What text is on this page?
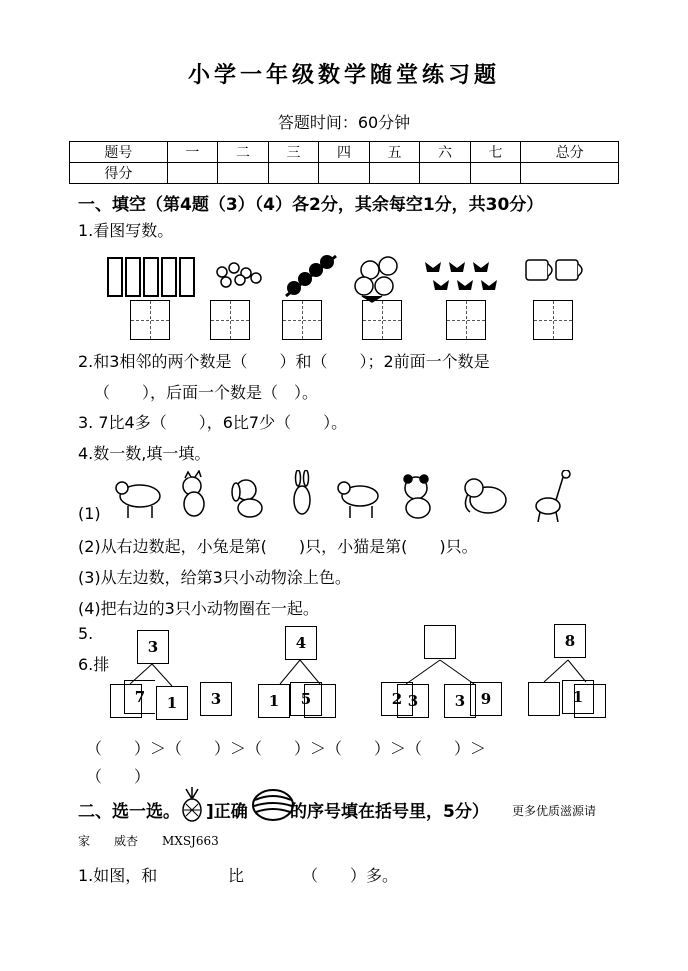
小学一年级数学随堂练习题
答题时间：60分钟
题号	一	二	三	四	五	六	七	总分
得分								
一、填空（第4题（3）（4）各2分，其余每空1分，共30分）
1.看图写数。
2.和3相邻的两个数是（　　）和（　　）；2前面一个数是
（　　），后面一个数是（　）。
3. 7比4多（　　），6比7少（　　）。
4.数一数,填一填。
(1)
(2)从右边数起，小兔是第(　　)只，小猫是第(　　)只。
(3)从左边数，给第3只小动物涂上色。
(4)把右边的3只小动物圈在一起。
5.
6.排
3
7	1	3
4
1	5	2 3	3	9
8
1
（　　）＞（　　）＞（　　）＞（　　）＞（　　）＞
（　　）
二、选一选。 ]正确 的序号填在括号里，5分） 更多优质滋源请
家　　威杏　　MXSJ663
1.如图，和	比	（　　）多。
